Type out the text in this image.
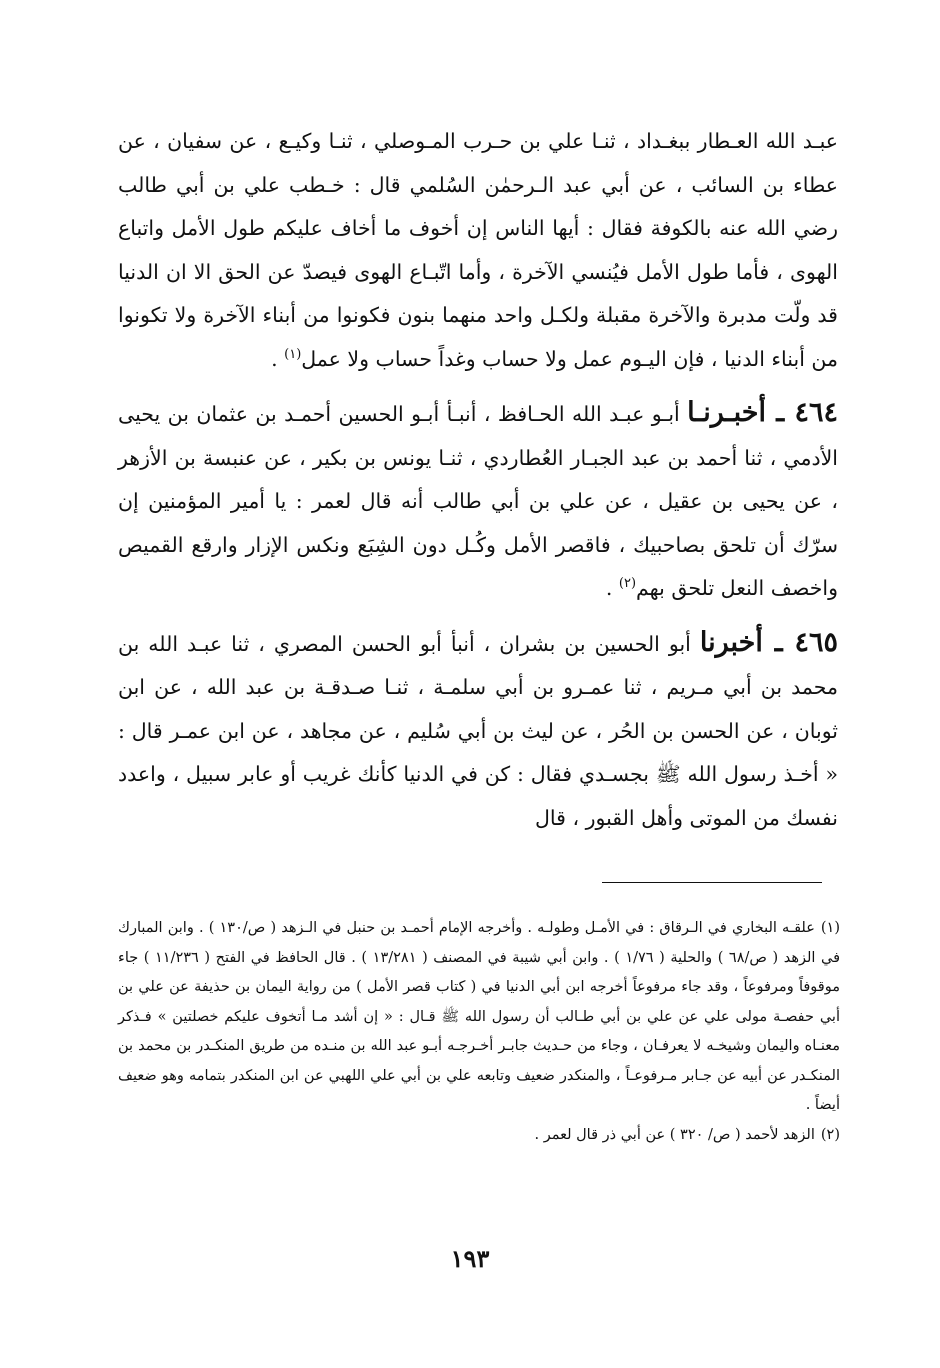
عبـد الله العـطار ببغـداد ، ثنـا علي بن حـرب المـوصلي ، ثنـا وكيـع ، عن سفيان ، عن عطاء بن السائب ، عن أبي عبد الـرحمٰن السُلمي قال : خـطب علي بن أبي طالب رضي الله عنه بالكوفة فقال : أيها الناس إن أخوف ما أخاف عليكم طول الأمل واتباع الهوى ، فأما طول الأمل فيُنسي الآخرة ، وأما اتّبـاع الهوى فيصدّ عن الحق الا ان الدنيا قد ولّت مدبرة والآخرة مقبلة ولكـل واحد منهما بنون فكونوا من أبناء الآخرة ولا تكونوا من أبناء الدنيا ، فإن اليـوم عمل ولا حساب وغداً حساب ولا عمل$^{(١)}$ .

٤٦٤ ـ أخبـرنـا أبـو عبـد الله الحـافظ ، أنبـأ أبـو الحسين أحمـد بن عثمان بن يحيى الأدمي ، ثنا أحمد بن عبد الجبـار العُطاردي ، ثنـا يونس بن بكير ، عن عنبسة بن الأزهر ، عن يحيى بن عقيل ، عن علي بن أبي طالب أنه قال لعمر : يا أمير المؤمنين إن سرّك أن تلحق بصاحبيك ، فاقصر الأمل وكُـل دون الشِبَع ونكس الإزار وارقع القميص واخصف النعل تلحق بهم$^{(٢)}$ .

٤٦٥ ـ أخبرنا أبو الحسين بن بشران ، أنبأ أبو الحسن المصري ، ثنا عبـد الله بن محمد بن أبي مـريم ، ثنا عمـرو بن أبي سلمـة ، ثنـا صـدقـة بن عبد الله ، عن ابن ثوبان ، عن الحسن بن الحُر ، عن ليث بن أبي سُليم ، عن مجاهد ، عن ابن عمـر قال : « أخـذ رسول الله ﷺ بجسـدي فقال : كن في الدنيا كأنك غريب أو عابر سبيل ، واعدد نفسك من الموتى وأهل القبور ، قال

(١)علقـه البخاري في الـرقاق : في الأمـل وطولـه . وأخرجه الإمام أحمـد بن حنبل في الـزهد ( ص/١٣٠ ) . وابن المبارك في الزهد ( ص/٦٨ ) والحلية ( ١/٧٦ ) . وابن أبي شيبة في المصنف ( ١٣/٢٨١ ) . قال الحافظ في الفتح ( ١١/٢٣٦ ) جاء موقوفاً ومرفوعاً ، وقد جاء مرفوعاً أخرجه ابن أبي الدنيا في ( كتاب قصر الأمل ) من رواية اليمان بن حذيفة عن علي بن أبي حفصـة مولى علي عن علي بن أبي طـالب أن رسول الله ﷺ قـال : « إن أشد مـا أتخوف عليكم خصلتين » فـذكر معنـاه واليمان وشيخـه لا يعرفـان ، وجاء من حـديث جابـر أخـرجـه أبـو عبد الله بن منـده من طريق المنكـدر بن محمد بن المنكـدر عن أبيه عن جـابر مـرفوعـاً ، والمنكدر ضعيف وتابعه علي بن أبي علي اللهبي عن ابن المنكدر بتمامه وهو ضعيف أيضاً .

(٢)الزهد لأحمد ( ص/ ٣٢٠ ) عن أبي ذر قال لعمر .

١٩٣
